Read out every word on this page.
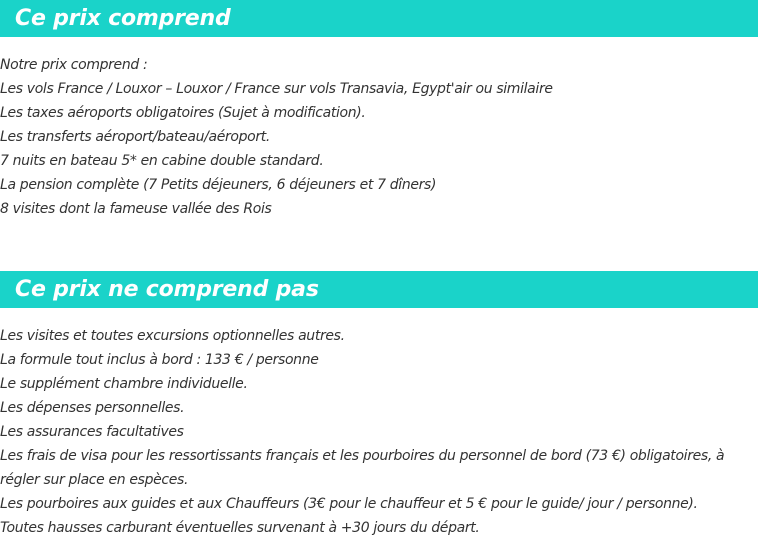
Ce prix comprend
Notre prix comprend :
Les vols France / Louxor – Louxor / France sur vols Transavia, Egypt'air ou similaire
Les taxes aéroports obligatoires (Sujet à modification).
Les transferts aéroport/bateau/aéroport.
7 nuits en bateau 5* en cabine double standard.
La pension complète (7 Petits déjeuners, 6 déjeuners et 7 dîners)
8 visites dont la fameuse vallée des Rois
Ce prix ne comprend pas
Les visites et toutes excursions optionnelles autres.
La formule tout inclus à bord : 133 € / personne
Le supplément chambre individuelle.
Les dépenses personnelles.
Les assurances facultatives
Les frais de visa pour les ressortissants français et les pourboires du personnel de bord (73 €) obligatoires, à régler sur place en espèces.
Les pourboires aux guides et aux Chauffeurs (3€ pour le chauffeur et 5 € pour le guide/ jour / personne).
Toutes hausses carburant éventuelles survenant à +30 jours du départ.
